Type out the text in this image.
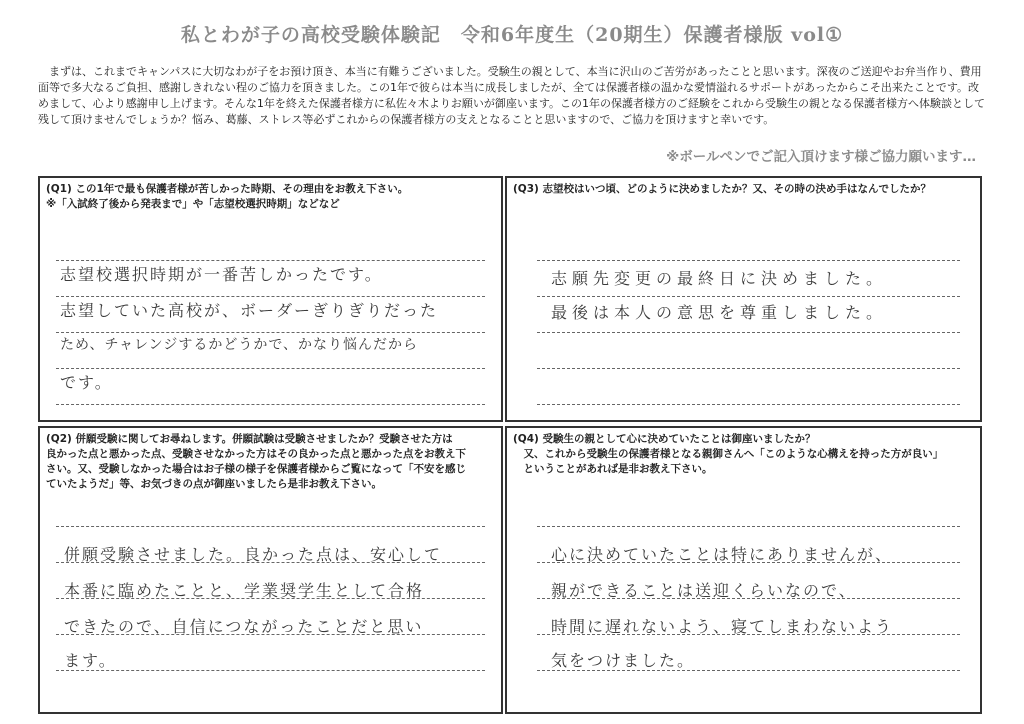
私とわが子の高校受験体験記　令和6年度生（20期生）保護者様版 vol①
まずは、これまでキャンパスに大切なわが子をお預け頂き、本当に有難うございました。受験生の親として、本当に沢山のご苦労があったことと思います。深夜のご送迎やお弁当作り、費用面等で多大なるご負担、感謝しきれない程のご協力を頂きました。この1年で彼らは本当に成長しましたが、全ては保護者様の温かな愛情溢れるサポートがあったからこそ出来たことです。改めまして、心より感謝申し上げます。そんな1年を終えた保護者様方に私佐々木よりお願いが御座います。この1年の保護者様方のご経験をこれから受験生の親となる保護者様方へ体験談として残して頂けませんでしょうか？悩み、葛藤、ストレス等必ずこれからの保護者様方の支えとなることと思いますので、ご協力を頂けますと幸いです。
※ボールペンでご記入頂けます様ご協力願います…
(Q1) この1年で最も保護者様が苦しかった時期、その理由をお教え下さい。
※「入試終了後から発表まで」や「志望校選択時期」などなど
志望校選択時期が一番苦しかったです。
志望していた高校が、ボーダーぎりぎりだった
ため、チャレンジするかどうかで、かなり悩んだから
です。
(Q3) 志望校はいつ頃、どのように決めましたか？又、その時の決め手はなんでしたか？
志願先変更の最終日に決めました。
最後は本人の意思を尊重しました。
(Q2) 併願受験に関してお尋ねします。併願試験は受験させましたか？受験させた方は
良かった点と悪かった点、受験させなかった方はその良かった点と悪かった点をお教え下
さい。又、受験しなかった場合はお子様の様子を保護者様からご覧になって「不安を感じ
ていたようだ」等、お気づきの点が御座いましたら是非お教え下さい。
併願受験させました。良かった点は、安心して
本番に臨めたことと、学業奨学生として合格
できたので、自信につながったことだと思い
ます。
(Q4) 受験生の親として心に決めていたことは御座いましたか？
　又、これから受験生の保護者様となる親御さんへ「このような心構えを持った方が良い」
　ということがあれば是非お教え下さい。
心に決めていたことは特にありませんが、
親ができることは送迎くらいなので、
時間に遅れないよう、寝てしまわないよう
気をつけました。
